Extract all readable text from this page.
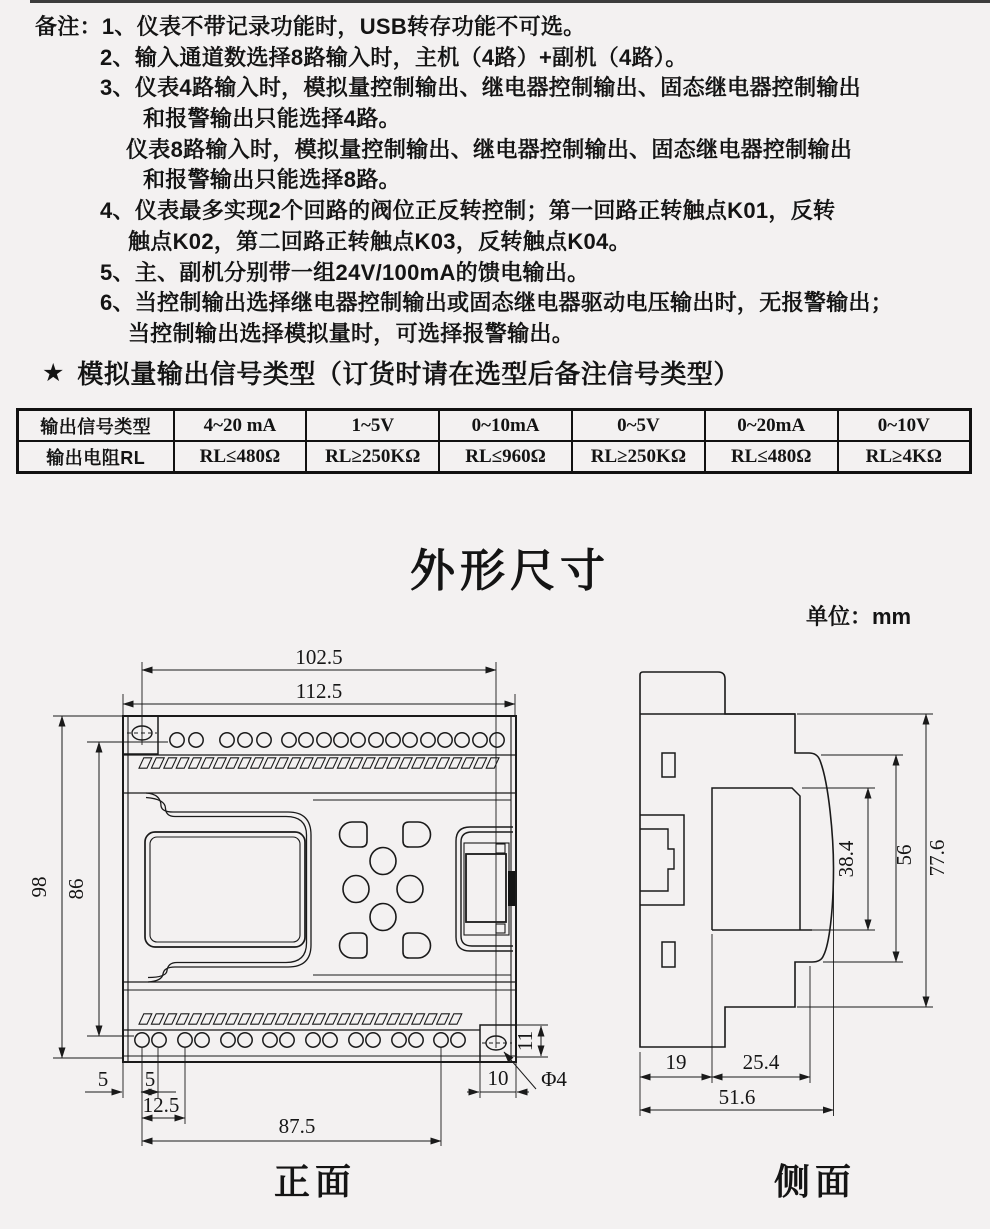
备注：1、仪表不带记录功能时，USB转存功能不可选。
2、输入通道数选择8路输入时，主机（4路）+副机（4路）。
3、仪表4路输入时，模拟量控制输出、继电器控制输出、固态继电器控制输出
和报警输出只能选择4路。
仪表8路输入时，模拟量控制输出、继电器控制输出、固态继电器控制输出
和报警输出只能选择8路。
4、仪表最多实现2个回路的阀位正反转控制；第一回路正转触点K01，反转
触点K02，第二回路正转触点K03，反转触点K04。
5、主、副机分别带一组24V/100mA的馈电输出。
6、当控制输出选择继电器控制输出或固态继电器驱动电压输出时，无报警输出；
当控制输出选择模拟量时，可选择报警输出。
★ 模拟量输出信号类型（订货时请在选型后备注信号类型）
输出信号类型	4~20 mA	1~5V	0~10mA	0~5V	0~20mA	0~10V
输出电阻RL	RL≤480Ω	RL≥250KΩ	RL≤960Ω	RL≥250KΩ	RL≤480Ω	RL≥4KΩ
外形尺寸
单位：mm
102.5
112.5
98 86
5 5
12.5
87.5
11
10 Φ4
38.4 56 77.6
19	25.4
51.6
正面	侧面
